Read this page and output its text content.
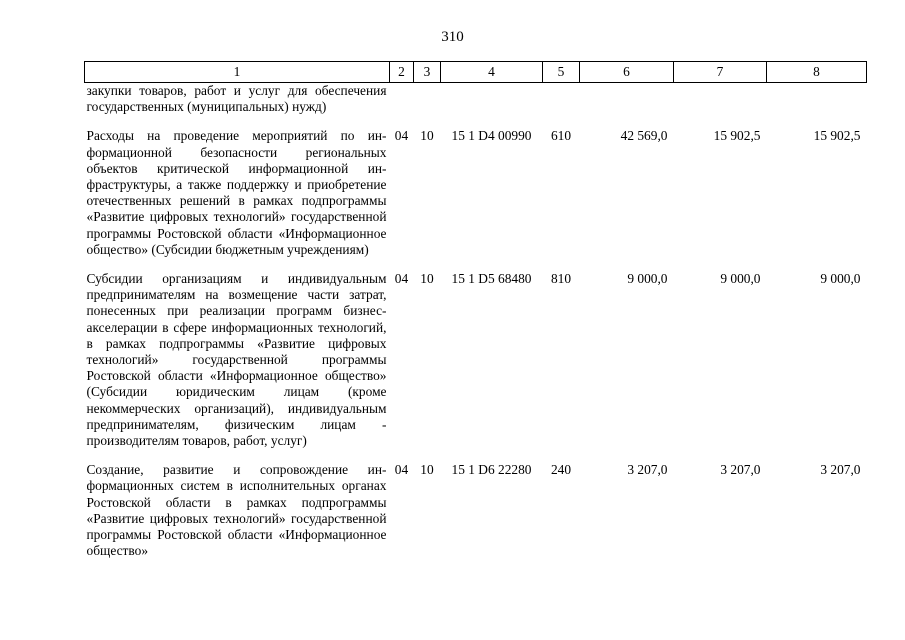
310
1	2	3	4	5	6	7	8
закупки товаров, работ и услуг для обеспечения государственных (муниципальных) нужд)							
Расходы на проведение мероприятий по информационной безопасности региональных объектов критической информационной инфраструктуры, а также поддержку и приобретение отечественных решений в рамках подпрограммы «Развитие цифровых технологий» государственной программы Ростовской области «Информационное общество» (Субсидии бюджетным учреждениям)	04	10	15 1 D4 00990	610	42 569,0	15 902,5	15 902,5
Субсидии организациям и индивидуальным предпринимателям на возмещение части затрат, понесенных при реализации программ бизнес-акселерации в сфере информационных технологий, в рамках подпрограммы «Развитие цифровых технологий» государственной программы Ростовской области «Информационное общество» (Субсидии юридическим лицам (кроме некоммерческих организаций), индивидуальным предпринимателям, физическим лицам - производителям товаров, работ, услуг)	04	10	15 1 D5 68480	810	9 000,0	9 000,0	9 000,0
Создание, развитие и сопровождение информационных систем в исполнительных органах Ростовской области в рамках подпрограммы «Развитие цифровых технологий» государственной программы Ростовской области «Информационное общество»	04	10	15 1 D6 22280	240	3 207,0	3 207,0	3 207,0
